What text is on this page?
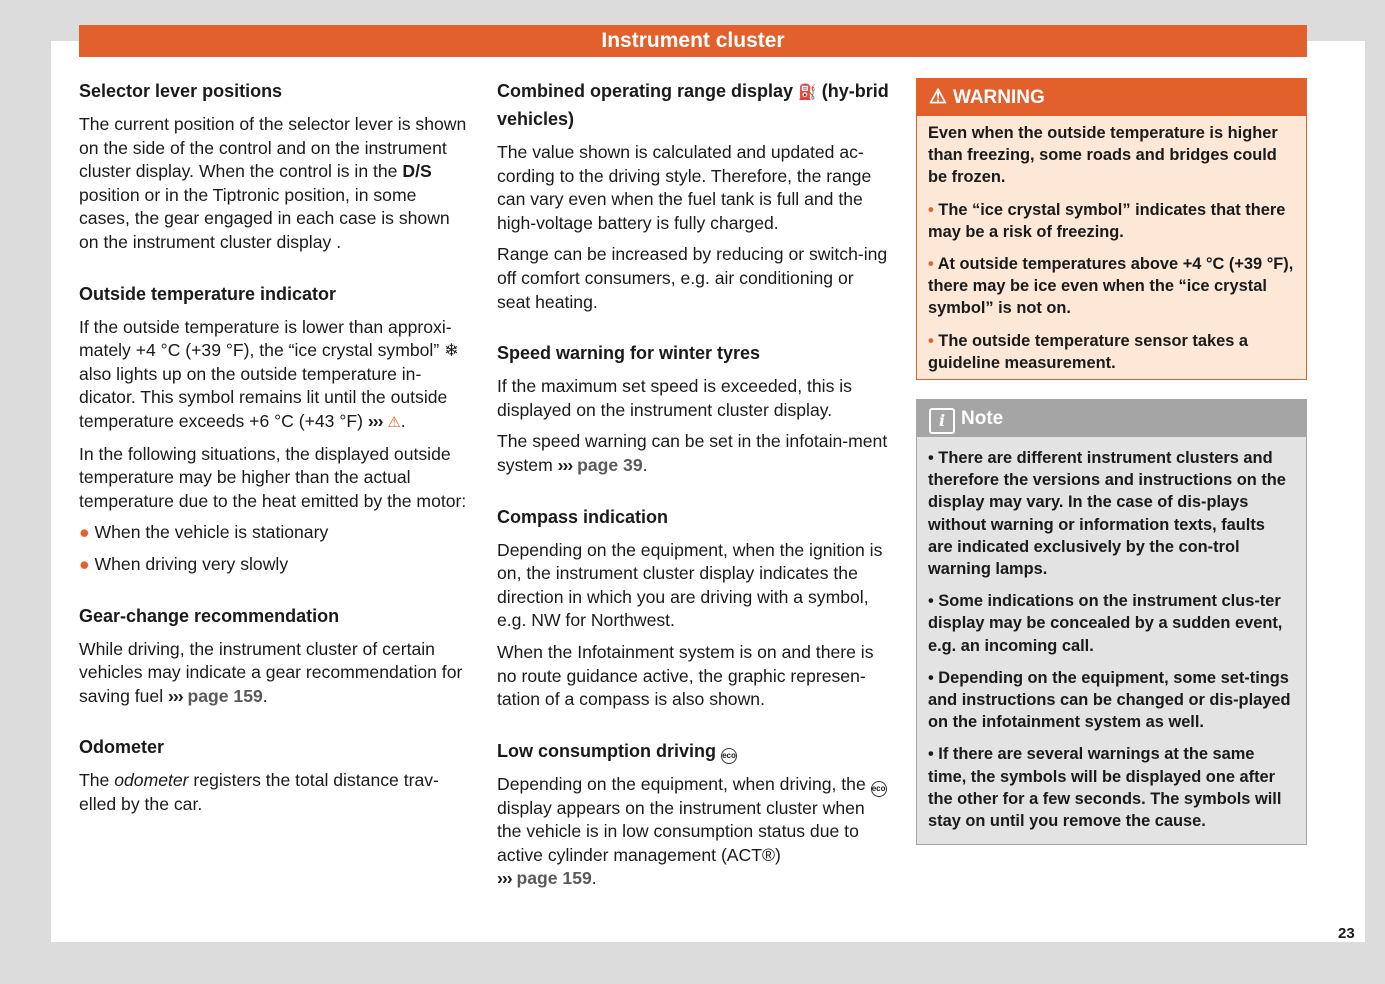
Instrument cluster
Selector lever positions

The current position of the selector lever is shown on the side of the control and on the instrument cluster display. When the control is in the D/S position or in the Tiptronic position, in some cases, the gear engaged in each case is shown on the instrument cluster display .

Outside temperature indicator

If the outside temperature is lower than approxi-mately +4 °C (+39 °F), the “ice crystal symbol” ❄ also lights up on the outside temperature in-dicator. This symbol remains lit until the outside temperature exceeds +6 °C (+43 °F) ››› ⚠.

In the following situations, the displayed outside temperature may be higher than the actual temperature due to the heat emitted by the motor:

● When the vehicle is stationary

● When driving very slowly

Gear-change recommendation

While driving, the instrument cluster of certain vehicles may indicate a gear recommendation for saving fuel ››› page 159.

Odometer

The odometer registers the total distance trav-elled by the car.

Combined operating range display ⛽ (hy-brid vehicles)

The value shown is calculated and updated ac-cording to the driving style. Therefore, the range can vary even when the fuel tank is full and the high-voltage battery is fully charged.

Range can be increased by reducing or switch-ing off comfort consumers, e.g. air conditioning or seat heating.

Speed warning for winter tyres

If the maximum set speed is exceeded, this is displayed on the instrument cluster display.

The speed warning can be set in the infotain-ment system ››› page 39.

Compass indication

Depending on the equipment, when the ignition is on, the instrument cluster display indicates the direction in which you are driving with a symbol, e.g. NW for Northwest.

When the Infotainment system is on and there is no route guidance active, the graphic represen-tation of a compass is also shown.

Low consumption driving eco

Depending on the equipment, when driving, the eco display appears on the instrument cluster when the vehicle is in low consumption status due to active cylinder management (ACT®)
››› page 159.

⚠ WARNING

Even when the outside temperature is higher than freezing, some roads and bridges could be frozen.

• The “ice crystal symbol” indicates that there may be a risk of freezing.

• At outside temperatures above +4 °C (+39 °F), there may be ice even when the “ice crystal symbol” is not on.

• The outside temperature sensor takes a guideline measurement.

i Note

• There are different instrument clusters and therefore the versions and instructions on the display may vary. In the case of dis-plays without warning or information texts, faults are indicated exclusively by the con-trol warning lamps.

• Some indications on the instrument clus-ter display may be concealed by a sudden event, e.g. an incoming call.

• Depending on the equipment, some set-tings and instructions can be changed or dis-played on the infotainment system as well.

• If there are several warnings at the same time, the symbols will be displayed one after the other for a few seconds. The symbols will stay on until you remove the cause.

23
